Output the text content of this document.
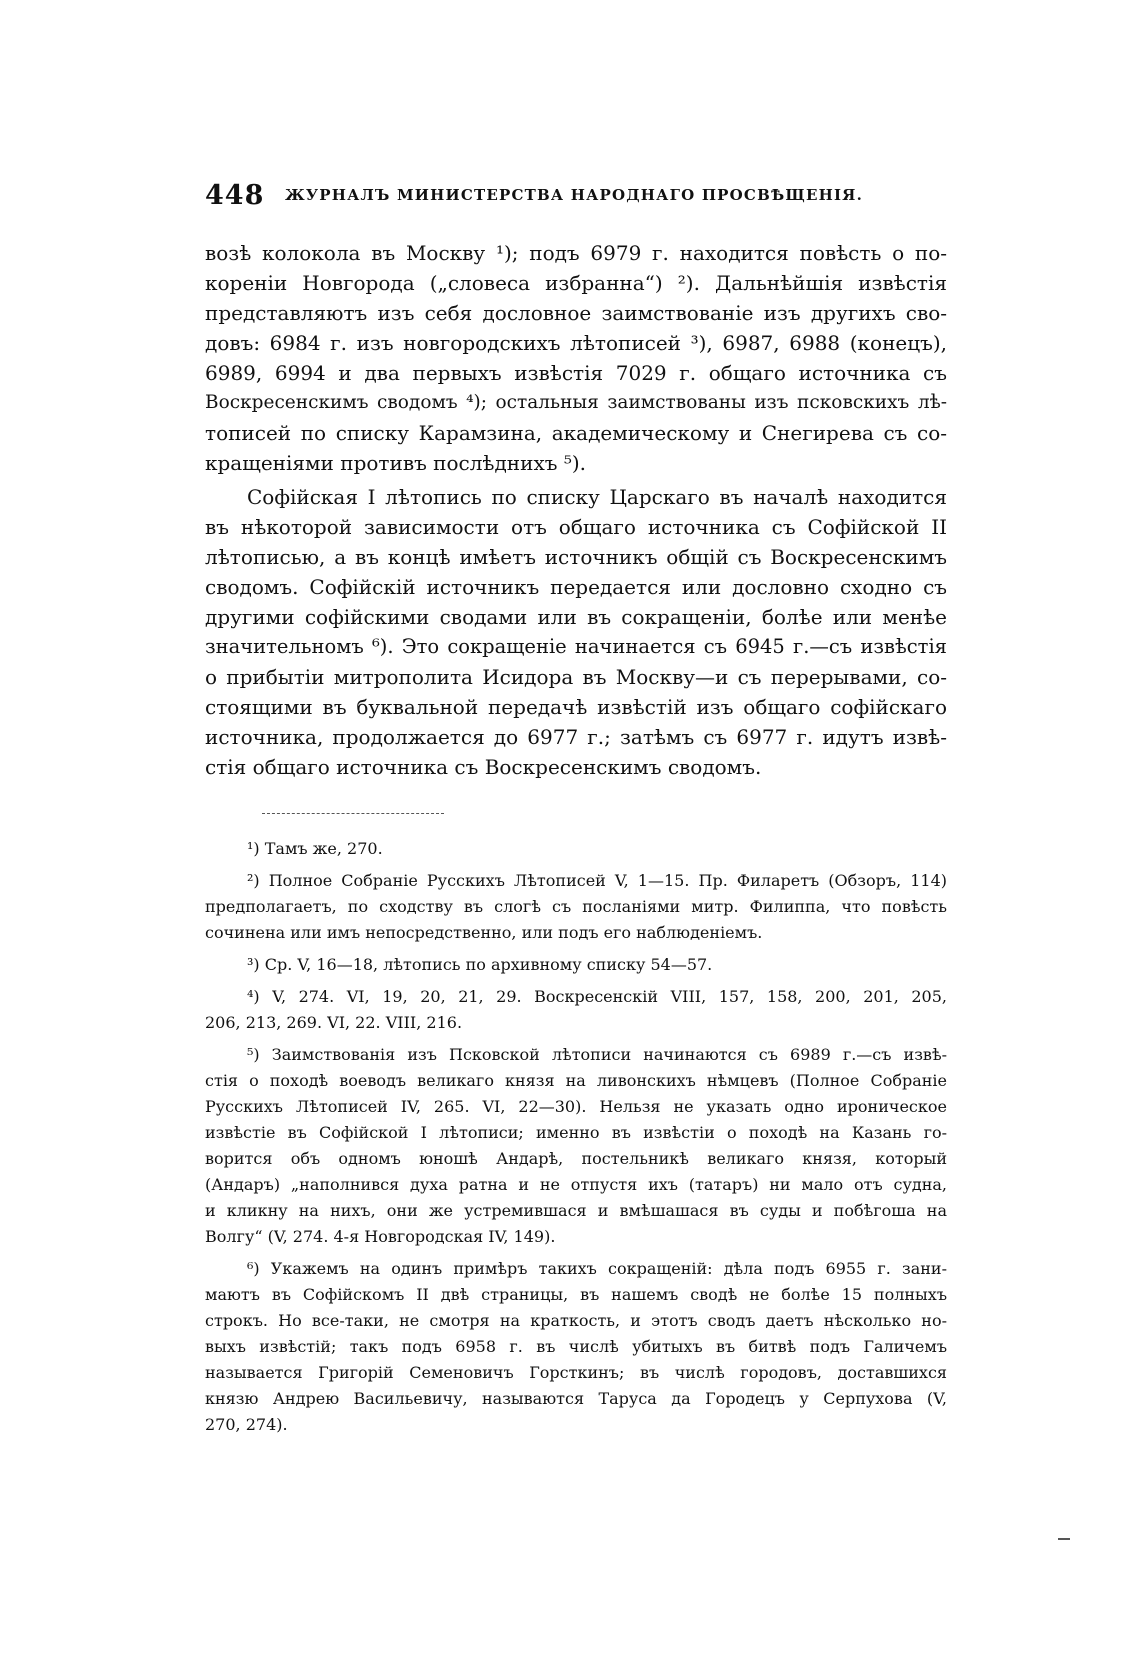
448 ЖУРНАЛЪ МИНИСТЕРСТВА НАРОДНАГО ПРОСВѢЩЕНІЯ.
возѣ колокола въ Москву ¹); подъ 6979 г. находится повѣсть о по-
кореніи Новгорода („словеса избранна“) ²). Дальнѣйшія извѣстія
представляютъ изъ себя дословное заимствованіе изъ другихъ сво-
довъ: 6984 г. изъ новгородскихъ лѣтописей ³), 6987, 6988 (конецъ),
6989, 6994 и два первыхъ извѣстія 7029 г. общаго источника съ
Воскресенскимъ сводомъ ⁴); остальныя заимствованы изъ псковскихъ лѣ-
тописей по списку Карамзина, академическому и Снегирева съ со-
кращеніями противъ послѣднихъ ⁵).
Софійская I лѣтопись по списку Царскаго въ началѣ находится
въ нѣкоторой зависимости отъ общаго источника съ Софійской II
лѣтописью, а въ концѣ имѣетъ источникъ общій съ Воскресенскимъ
сводомъ. Софійскій источникъ передается или дословно сходно съ
другими софійскими сводами или въ сокращеніи, болѣе или менѣе
значительномъ ⁶). Это сокращеніе начинается съ 6945 г.—съ извѣстія
о прибытіи митрополита Исидора въ Москву—и съ перерывами, со-
стоящими въ буквальной передачѣ извѣстій изъ общаго софійскаго
источника, продолжается до 6977 г.; затѣмъ съ 6977 г. идутъ извѣ-
стія общаго источника съ Воскресенскимъ сводомъ.
¹) Тамъ же, 270.
²) Полное Собраніе Русскихъ Лѣтописей V, 1—15. Пр. Филаретъ (Обзоръ, 114)
предполагаетъ, по сходству въ слогѣ съ посланіями митр. Филиппа, что повѣсть
сочинена или имъ непосредственно, или подъ его наблюденіемъ.
³) Ср. V, 16—18, лѣтопись по архивному списку 54—57.
⁴) V, 274. VI, 19, 20, 21, 29. Воскресенскій VIII, 157, 158, 200, 201, 205,
206, 213, 269. VI, 22. VIII, 216.
⁵) Заимствованія изъ Псковской лѣтописи начинаются съ 6989 г.—съ извѣ-
стія о походѣ воеводъ великаго князя на ливонскихъ нѣмцевъ (Полное Собраніе
Русскихъ Лѣтописей IV, 265. VI, 22—30). Нельзя не указать одно ироническое
извѣстіе въ Софійской I лѣтописи; именно въ извѣстіи о походѣ на Казань го-
ворится объ одномъ юношѣ Андарѣ, постельникѣ великаго князя, который
(Андаръ) „наполнився духа ратна и не отпустя ихъ (татаръ) ни мало отъ судна,
и кликну на нихъ, они же устремившася и вмѣшашася въ суды и побѣгоша на
Волгу“ (V, 274. 4-я Новгородская IV, 149).
⁶) Укажемъ на одинъ примѣръ такихъ сокращеній: дѣла подъ 6955 г. зани-
маютъ въ Софійскомъ II двѣ страницы, въ нашемъ сводѣ не болѣе 15 полныхъ
строкъ. Но все-таки, не смотря на краткость, и этотъ сводъ даетъ нѣсколько но-
выхъ извѣстій; такъ подъ 6958 г. въ числѣ убитыхъ въ битвѣ подъ Галичемъ
называется Григорій Семеновичъ Горсткинъ; въ числѣ городовъ, доставшихся
князю Андрею Васильевичу, называются Таруса да Городецъ у Серпухова (V,
270, 274).
